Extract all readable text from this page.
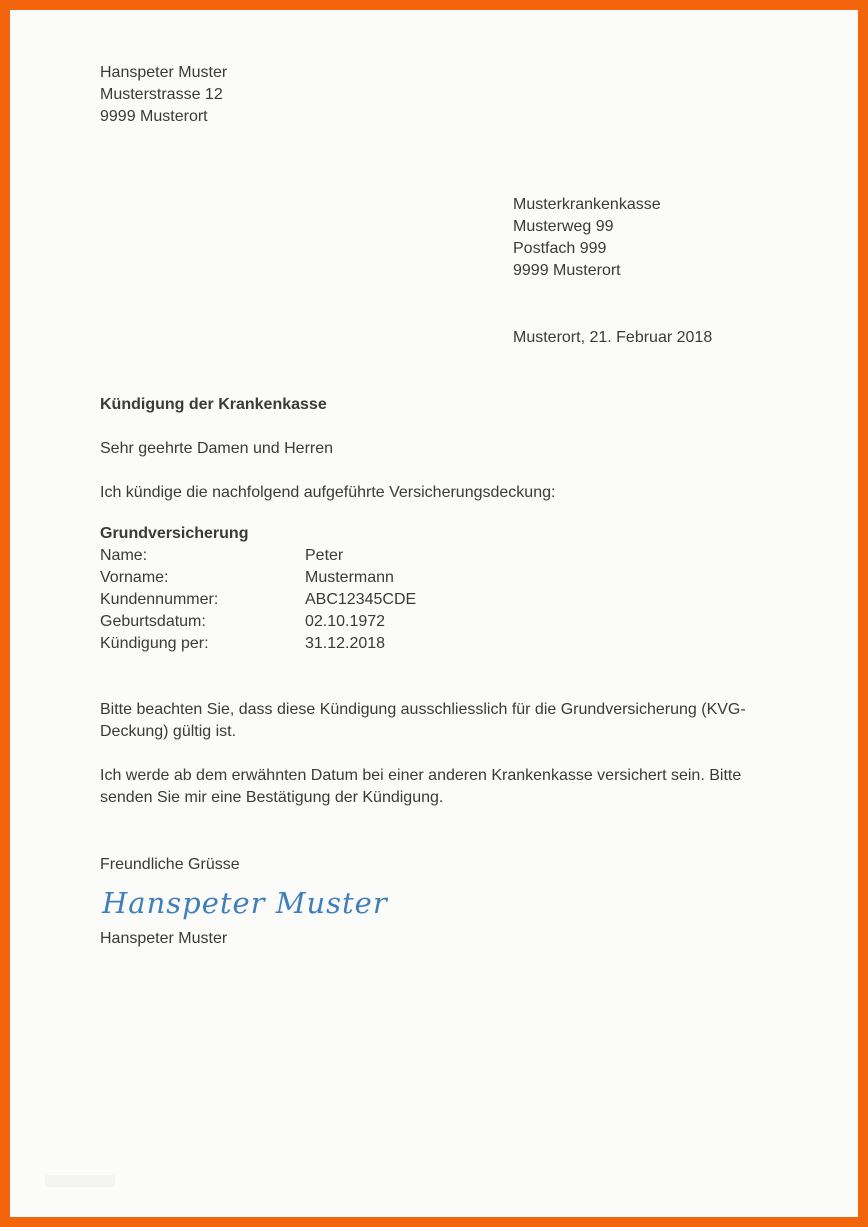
Hanspeter Muster
Musterstrasse 12
9999 Musterort
Musterkrankenkasse
Musterweg 99
Postfach 999
9999 Musterort
Musterort, 21. Februar 2018
Kündigung der Krankenkasse
Sehr geehrte Damen und Herren
Ich kündige die nachfolgend aufgeführte Versicherungsdeckung:
Grundversicherung
Name:	Peter
Vorname:	Mustermann
Kundennummer:	ABC12345CDE
Geburtsdatum:	02.10.1972
Kündigung per:	31.12.2018
Bitte beachten Sie, dass diese Kündigung ausschliesslich für die Grundversicherung (KVG-Deckung) gültig ist.
Ich werde ab dem erwähnten Datum bei einer anderen Krankenkasse versichert sein. Bitte senden Sie mir eine Bestätigung der Kündigung.
Freundliche Grüsse
Hanspeter Muster
Hanspeter Muster
